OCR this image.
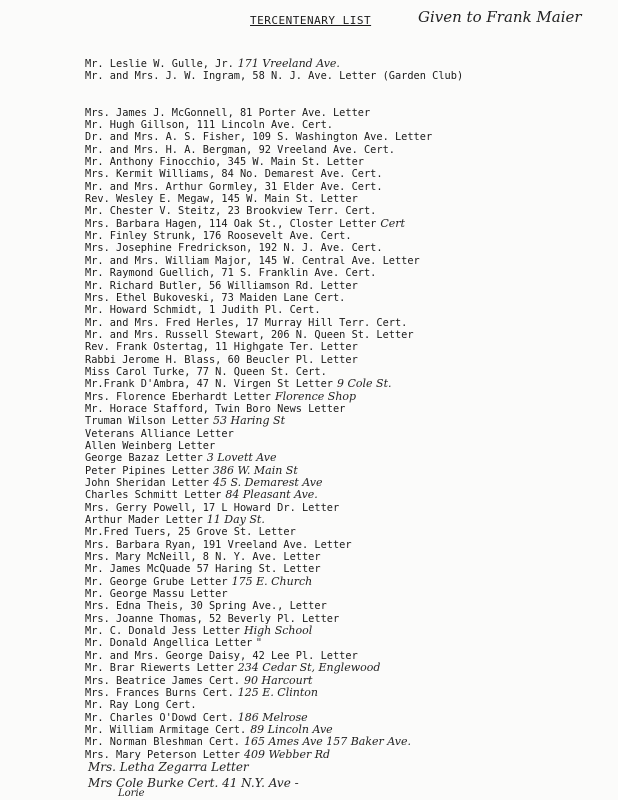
TERCENTENARY LIST	Given to Frank Maier
Mr. Leslie W. Gulle, Jr. 171 Vreeland Ave.
Mr. and Mrs. J. W. Ingram, 58 N. J. Ave. Letter (Garden Club)
Mrs. James J. McGonnell, 81 Porter Ave. Letter
Mr. Hugh Gillson, 111 Lincoln Ave. Cert.
Dr. and Mrs. A. S. Fisher, 109 S. Washington Ave. Letter
Mr. and Mrs. H. A. Bergman, 92 Vreeland Ave. Cert.
Mr. Anthony Finocchio, 345 W. Main St. Letter
Mrs. Kermit Williams, 84 No. Demarest Ave. Cert.
Mr. and Mrs. Arthur Gormley, 31 Elder Ave. Cert.
Rev. Wesley E. Megaw, 145 W. Main St. Letter
Mr. Chester V. Steitz, 23 Brookview Terr. Cert.
Mrs. Barbara Hagen, 114 Oak St., Closter Letter Cert
Mr. Finley Strunk, 176 Roosevelt Ave. Cert.
Mrs. Josephine Fredrickson, 192 N. J. Ave. Cert.
Mr. and Mrs. William Major, 145 W. Central Ave. Letter
Mr. Raymond Guellich, 71 S. Franklin Ave. Cert.
Mr. Richard Butler, 56 Williamson Rd. Letter
Mrs. Ethel Bukoveski, 73 Maiden Lane Cert.
Mr. Howard Schmidt, 1 Judith Pl. Cert.
Mr. and Mrs. Fred Herles, 17 Murray Hill Terr. Cert.
Mr. and Mrs. Russell Stewart, 206 N. Queen St. Letter
Rev. Frank Ostertag, 11 Highgate Ter. Letter
Rabbi Jerome H. Blass, 60 Beucler Pl. Letter
Miss Carol Turke, 77 N. Queen St. Cert.
Mr.Frank D'Ambra, 47 N. Virgen St Letter 9 Cole St.
Mrs. Florence Eberhardt Letter Florence Shop
Mr. Horace Stafford, Twin Boro News Letter
Truman Wilson Letter 53 Haring St
Veterans Alliance Letter
Allen Weinberg Letter
George Bazaz Letter 3 Lovett Ave
Peter Pipines Letter 386 W. Main St
John Sheridan Letter 45 S. Demarest Ave
Charles Schmitt Letter 84 Pleasant Ave.
Mrs. Gerry Powell, 17 L Howard Dr. Letter
Arthur Mader Letter 11 Day St.
Mr.Fred Tuers, 25 Grove St. Letter
Mrs. Barbara Ryan, 191 Vreeland Ave. Letter
Mrs. Mary McNeill, 8 N. Y. Ave. Letter
Mr. James McQuade 57 Haring St. Letter
Mr. George Grube Letter 175 E. Church
Mr. George Massu Letter
Mrs. Edna Theis, 30 Spring Ave., Letter
Mrs. Joanne Thomas, 52 Beverly Pl. Letter
Mr. C. Donald Jess Letter High School
Mr. Donald Angellica Letter "
Mr. and Mrs. George Daisy, 42 Lee Pl. Letter
Mr. Brar Riewerts Letter 234 Cedar St, Englewood
Mrs. Beatrice James Cert. 90 Harcourt
Mrs. Frances Burns Cert. 125 E. Clinton
Mr. Ray Long Cert.
Mr. Charles O'Dowd Cert. 186 Melrose
Mr. William Armitage Cert. 89 Lincoln Ave
Mr. Norman Bleshman Cert. 165 Ames Ave 157 Baker Ave.
Mrs. Mary Peterson Letter 409 Webber Rd
Mrs. Letha Zegarra Letter
Mrs Cole Burke Cert. 41 N.Y. Ave -
Lorie
